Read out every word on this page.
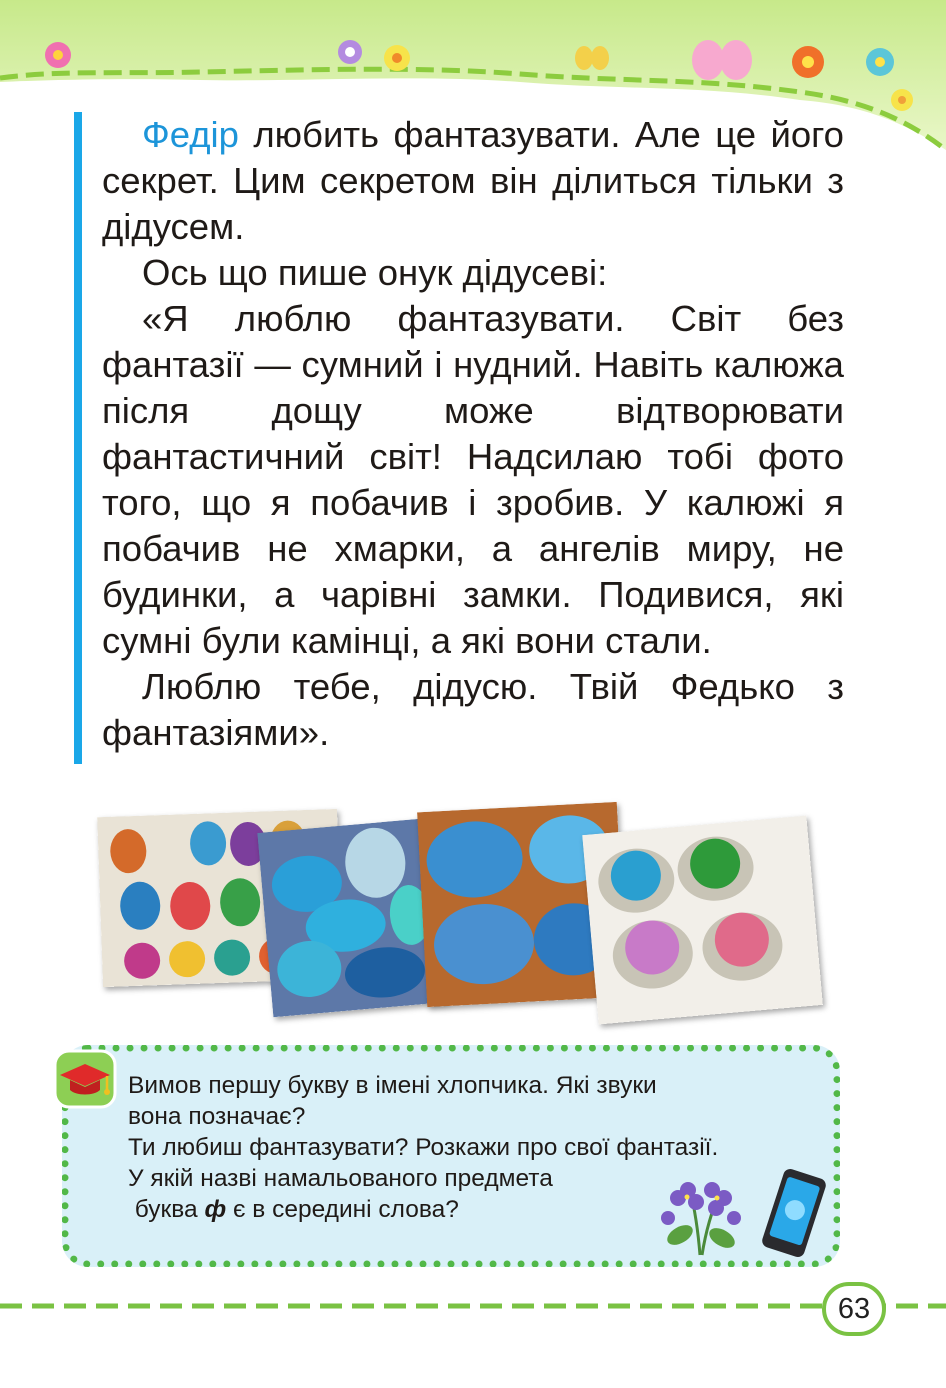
Федір любить фантазувати. Але це його секрет. Цим секретом він ділиться тільки з дідусем.

Ось що пише онук дідусеві:

«Я люблю фантазувати. Світ без фантазії — сумний і нудний. Навіть калюжа після дощу може відтворювати фантастичний світ! Надсилаю тобі фото того, що я побачив і зробив. У калюжі я побачив не хмарки, а ангелів миру, не будинки, а чарівні замки. Подивися, які сумні були камінці, а які вони стали.

Люблю тебе, дідусю. Твій Федько з фантазіями».

Вимов першу букву в імені хлопчика. Які звуки
вона позначає?
Ти любиш фантазувати? Розкажи про свої фантазії.
У якій назві намальованого предмета
буква ф є в середині слова?
63
